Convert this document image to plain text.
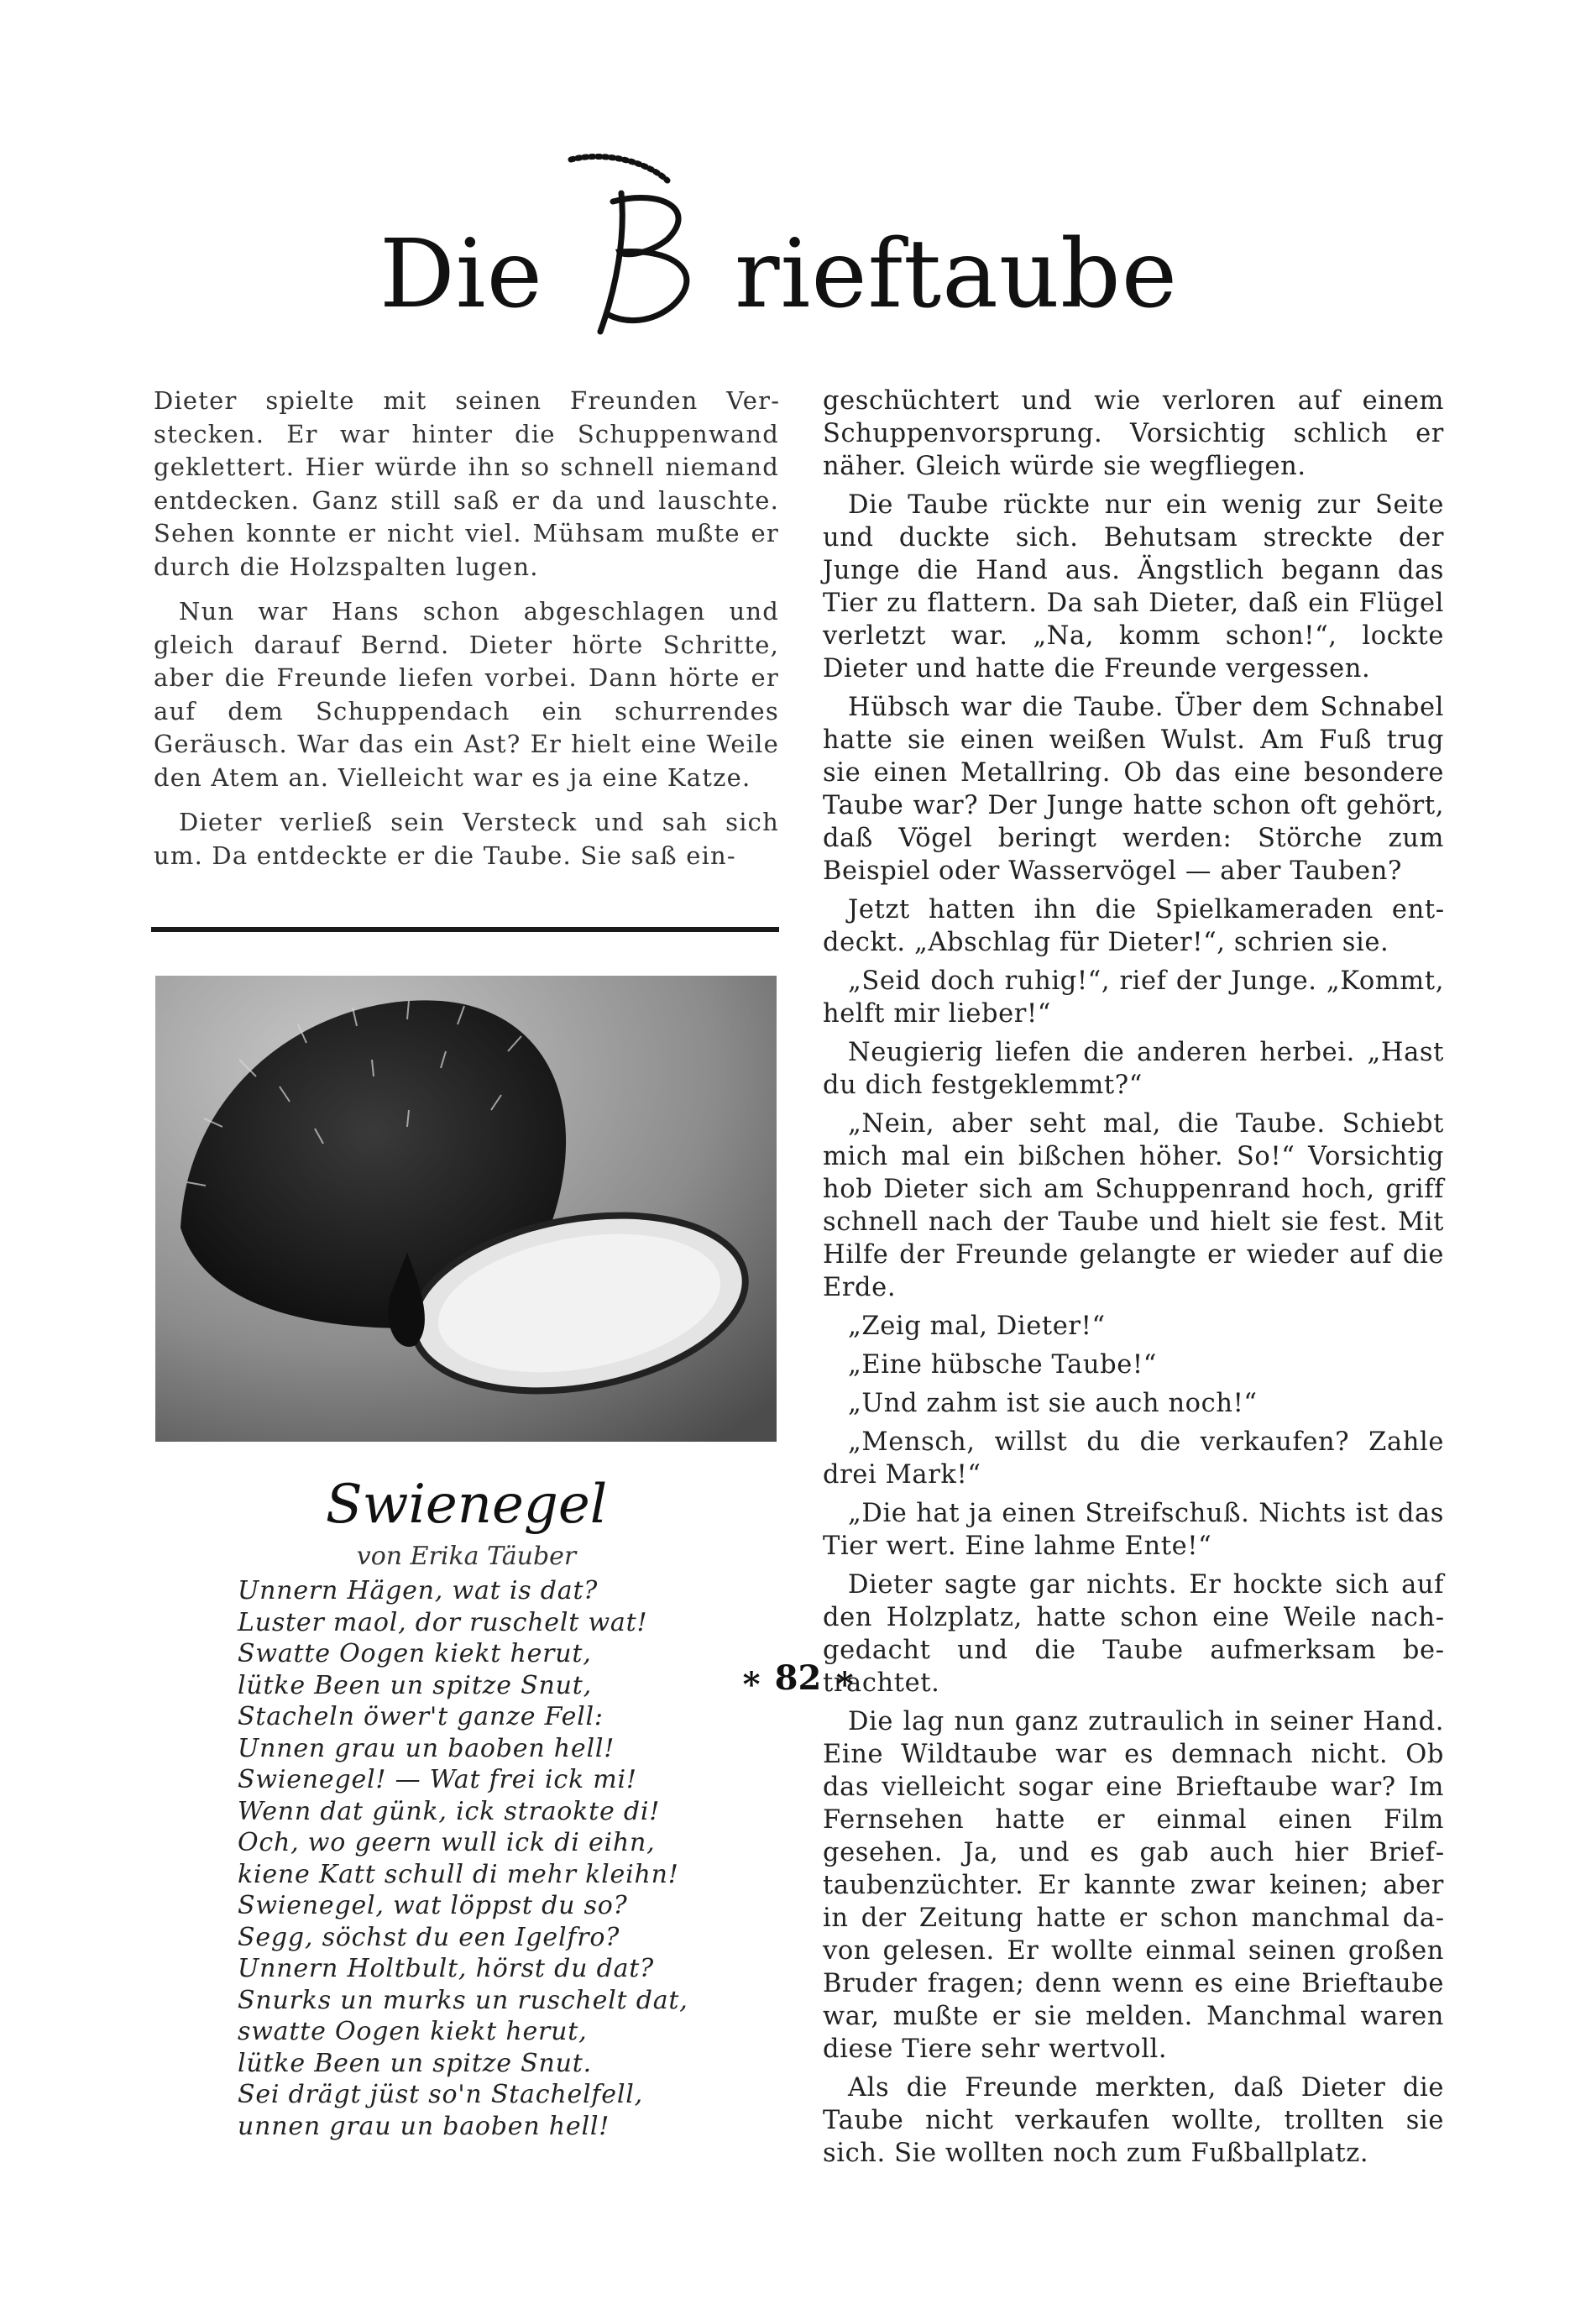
Die	B rieftaube

Dieter spielte mit seinen Freunden Verstecken. Er war hinter die Schuppenwand geklettert. Hier würde ihn so schnell niemand entdecken. Ganz still saß er da und lauschte. Sehen konnte er nicht viel. Mühsam mußte er durch die Holzspalten lugen.

Nun war Hans schon abgeschlagen und gleich darauf Bernd. Dieter hörte Schritte, aber die Freunde liefen vorbei. Dann hörte er auf dem Schuppendach ein schurrendes Geräusch. War das ein Ast? Er hielt eine Weile den Atem an. Vielleicht war es ja eine Katze.

Dieter verließ sein Versteck und sah sich um. Da entdeckte er die Taube. Sie saß ein-

Swienegel
von Erika Täuber
Unnern Hägen, wat is dat?
Luster maol, dor ruschelt wat!
Swatte Oogen kiekt herut,
lütke Been un spitze Snut,
Stacheln öwer't ganze Fell:
Unnen grau un baoben hell!
Swienegel! — Wat frei ick mi!
Wenn dat günk, ick straokte di!
Och, wo geern wull ick di eihn,
kiene Katt schull di mehr kleihn!
Swienegel, wat löppst du so?
Segg, söchst du een Igelfro?
Unnern Holtbult, hörst du dat?
Snurks un murks un ruschelt dat,
swatte Oogen kiekt herut,
lütke Been un spitze Snut.
Sei drägt jüst so'n Stachelfell,
unnen grau un baoben hell!

geschüchtert und wie verloren auf einem Schuppenvorsprung. Vorsichtig schlich er näher. Gleich würde sie wegfliegen.

Die Taube rückte nur ein wenig zur Seite und duckte sich. Behutsam streckte der Junge die Hand aus. Ängstlich begann das Tier zu flattern. Da sah Dieter, daß ein Flügel verletzt war. „Na, komm schon!“, lockte Dieter und hatte die Freunde vergessen.

Hübsch war die Taube. Über dem Schnabel hatte sie einen weißen Wulst. Am Fuß trug sie einen Metallring. Ob das eine besondere Taube war? Der Junge hatte schon oft gehört, daß Vögel beringt werden: Störche zum Beispiel oder Wasservögel — aber Tauben?

Jetzt hatten ihn die Spielkameraden entdeckt. „Abschlag für Dieter!“, schrien sie.

„Seid doch ruhig!“, rief der Junge. „Kommt, helft mir lieber!“

Neugierig liefen die anderen herbei. „Hast du dich festgeklemmt?“

„Nein, aber seht mal, die Taube. Schiebt mich mal ein bißchen höher. So!“ Vorsichtig hob Dieter sich am Schuppenrand hoch, griff schnell nach der Taube und hielt sie fest. Mit Hilfe der Freunde gelangte er wieder auf die Erde.

„Zeig mal, Dieter!“

„Eine hübsche Taube!“

„Und zahm ist sie auch noch!“

„Mensch, willst du die verkaufen? Zahle drei Mark!“

„Die hat ja einen Streifschuß. Nichts ist das Tier wert. Eine lahme Ente!“

Dieter sagte gar nichts. Er hockte sich auf den Holzplatz, hatte schon eine Weile nachgedacht und die Taube aufmerksam betrachtet.

Die lag nun ganz zutraulich in seiner Hand. Eine Wildtaube war es demnach nicht. Ob das vielleicht sogar eine Brieftaube war? Im Fernsehen hatte er einmal einen Film gesehen. Ja, und es gab auch hier Brieftaubenzüchter. Er kannte zwar keinen; aber in der Zeitung hatte er schon manchmal davon gelesen. Er wollte einmal seinen großen Bruder fragen; denn wenn es eine Brieftaube war, mußte er sie melden. Manchmal waren diese Tiere sehr wertvoll.

Als die Freunde merkten, daß Dieter die Taube nicht verkaufen wollte, trollten sie sich. Sie wollten noch zum Fußballplatz.

∗ 82 ∗
